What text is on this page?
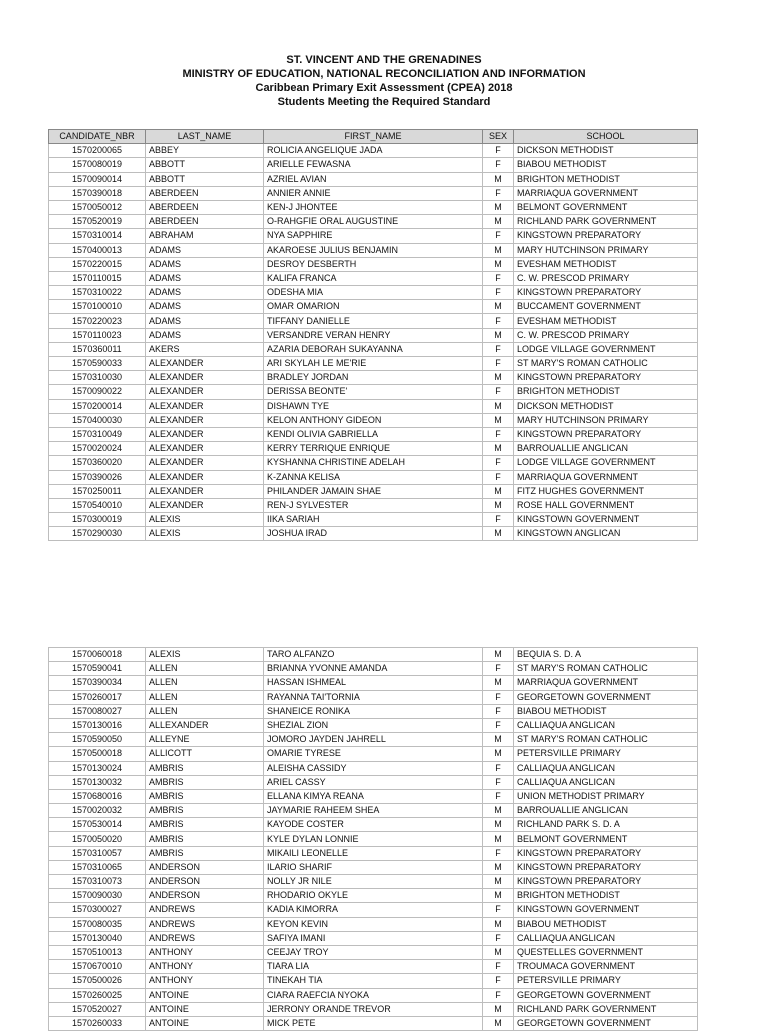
ST. VINCENT AND THE GRENADINES
MINISTRY OF EDUCATION, NATIONAL RECONCILIATION AND INFORMATION
Caribbean Primary Exit Assessment (CPEA) 2018
Students Meeting the Required Standard
CANDIDATE_NBR	LAST_NAME	FIRST_NAME	SEX	SCHOOL
1570200065	ABBEY	ROLICIA ANGELIQUE JADA	F	DICKSON METHODIST
1570080019	ABBOTT	ARIELLE FEWASNA	F	BIABOU METHODIST
1570090014	ABBOTT	AZRIEL AVIAN	M	BRIGHTON METHODIST
1570390018	ABERDEEN	ANNIER ANNIE	F	MARRIAQUA GOVERNMENT
1570050012	ABERDEEN	KEN-J JHONTEE	M	BELMONT GOVERNMENT
1570520019	ABERDEEN	O-RAHGFIE ORAL AUGUSTINE	M	RICHLAND PARK GOVERNMENT
1570310014	ABRAHAM	NYA SAPPHIRE	F	KINGSTOWN PREPARATORY
1570400013	ADAMS	AKAROESE JULIUS BENJAMIN	M	MARY HUTCHINSON PRIMARY
1570220015	ADAMS	DESROY DESBERTH	M	EVESHAM METHODIST
1570110015	ADAMS	KALIFA FRANCA	F	C. W. PRESCOD PRIMARY
1570310022	ADAMS	ODESHA MIA	F	KINGSTOWN PREPARATORY
1570100010	ADAMS	OMAR OMARION	M	BUCCAMENT GOVERNMENT
1570220023	ADAMS	TIFFANY DANIELLE	F	EVESHAM METHODIST
1570110023	ADAMS	VERSANDRE VERAN HENRY	M	C. W. PRESCOD PRIMARY
1570360011	AKERS	AZARIA DEBORAH SUKAYANNA	F	LODGE VILLAGE GOVERNMENT
1570590033	ALEXANDER	ARI SKYLAH LE ME'RIE	F	ST MARY'S ROMAN CATHOLIC
1570310030	ALEXANDER	BRADLEY JORDAN	M	KINGSTOWN PREPARATORY
1570090022	ALEXANDER	DERISSA BEONTE'	F	BRIGHTON METHODIST
1570200014	ALEXANDER	DISHAWN TYE	M	DICKSON METHODIST
1570400030	ALEXANDER	KELON ANTHONY GIDEON	M	MARY HUTCHINSON PRIMARY
1570310049	ALEXANDER	KENDI OLIVIA GABRIELLA	F	KINGSTOWN PREPARATORY
1570020024	ALEXANDER	KERRY TERRIQUE ENRIQUE	M	BARROUALLIE ANGLICAN
1570360020	ALEXANDER	KYSHANNA CHRISTINE ADELAH	F	LODGE VILLAGE GOVERNMENT
1570390026	ALEXANDER	K-ZANNA KELISA	F	MARRIAQUA GOVERNMENT
1570250011	ALEXANDER	PHILANDER JAMAIN SHAE	M	FITZ HUGHES GOVERNMENT
1570540010	ALEXANDER	REN-J SYLVESTER	M	ROSE HALL GOVERNMENT
1570300019	ALEXIS	IIKA SARIAH	F	KINGSTOWN GOVERNMENT
1570290030	ALEXIS	JOSHUA IRAD	M	KINGSTOWN ANGLICAN
1570060018	ALEXIS	TARO ALFANZO	M	BEQUIA S. D. A
1570590041	ALLEN	BRIANNA YVONNE AMANDA	F	ST MARY'S ROMAN CATHOLIC
1570390034	ALLEN	HASSAN ISHMEAL	M	MARRIAQUA GOVERNMENT
1570260017	ALLEN	RAYANNA TAI'TORNIA	F	GEORGETOWN GOVERNMENT
1570080027	ALLEN	SHANEICE RONIKA	F	BIABOU METHODIST
1570130016	ALLEXANDER	SHEZIAL ZION	F	CALLIAQUA ANGLICAN
1570590050	ALLEYNE	JOMORO JAYDEN JAHRELL	M	ST MARY'S ROMAN CATHOLIC
1570500018	ALLICOTT	OMARIE TYRESE	M	PETERSVILLE PRIMARY
1570130024	AMBRIS	ALEISHA CASSIDY	F	CALLIAQUA ANGLICAN
1570130032	AMBRIS	ARIEL CASSY	F	CALLIAQUA ANGLICAN
1570680016	AMBRIS	ELLANA KIMYA REANA	F	UNION METHODIST PRIMARY
1570020032	AMBRIS	JAYMARIE RAHEEM SHEA	M	BARROUALLIE ANGLICAN
1570530014	AMBRIS	KAYODE COSTER	M	RICHLAND PARK S. D. A
1570050020	AMBRIS	KYLE DYLAN LONNIE	M	BELMONT GOVERNMENT
1570310057	AMBRIS	MIKAILI LEONELLE	F	KINGSTOWN PREPARATORY
1570310065	ANDERSON	ILARIO SHARIF	M	KINGSTOWN PREPARATORY
1570310073	ANDERSON	NOLLY JR NILE	M	KINGSTOWN PREPARATORY
1570090030	ANDERSON	RHODARIO OKYLE	M	BRIGHTON METHODIST
1570300027	ANDREWS	KADIA KIMORRA	F	KINGSTOWN GOVERNMENT
1570080035	ANDREWS	KEYON KEVIN	M	BIABOU METHODIST
1570130040	ANDREWS	SAFIYA IMANI	F	CALLIAQUA ANGLICAN
1570510013	ANTHONY	CEEJAY TROY	M	QUESTELLES GOVERNMENT
1570670010	ANTHONY	TIARA LIA	F	TROUMACA GOVERNMENT
1570500026	ANTHONY	TINEKAH TIA	F	PETERSVILLE PRIMARY
1570260025	ANTOINE	CIARA RAEFCIA NYOKA	F	GEORGETOWN GOVERNMENT
1570520027	ANTOINE	JERRONY ORANDE TREVOR	M	RICHLAND PARK GOVERNMENT
1570260033	ANTOINE	MICK PETE	M	GEORGETOWN GOVERNMENT
